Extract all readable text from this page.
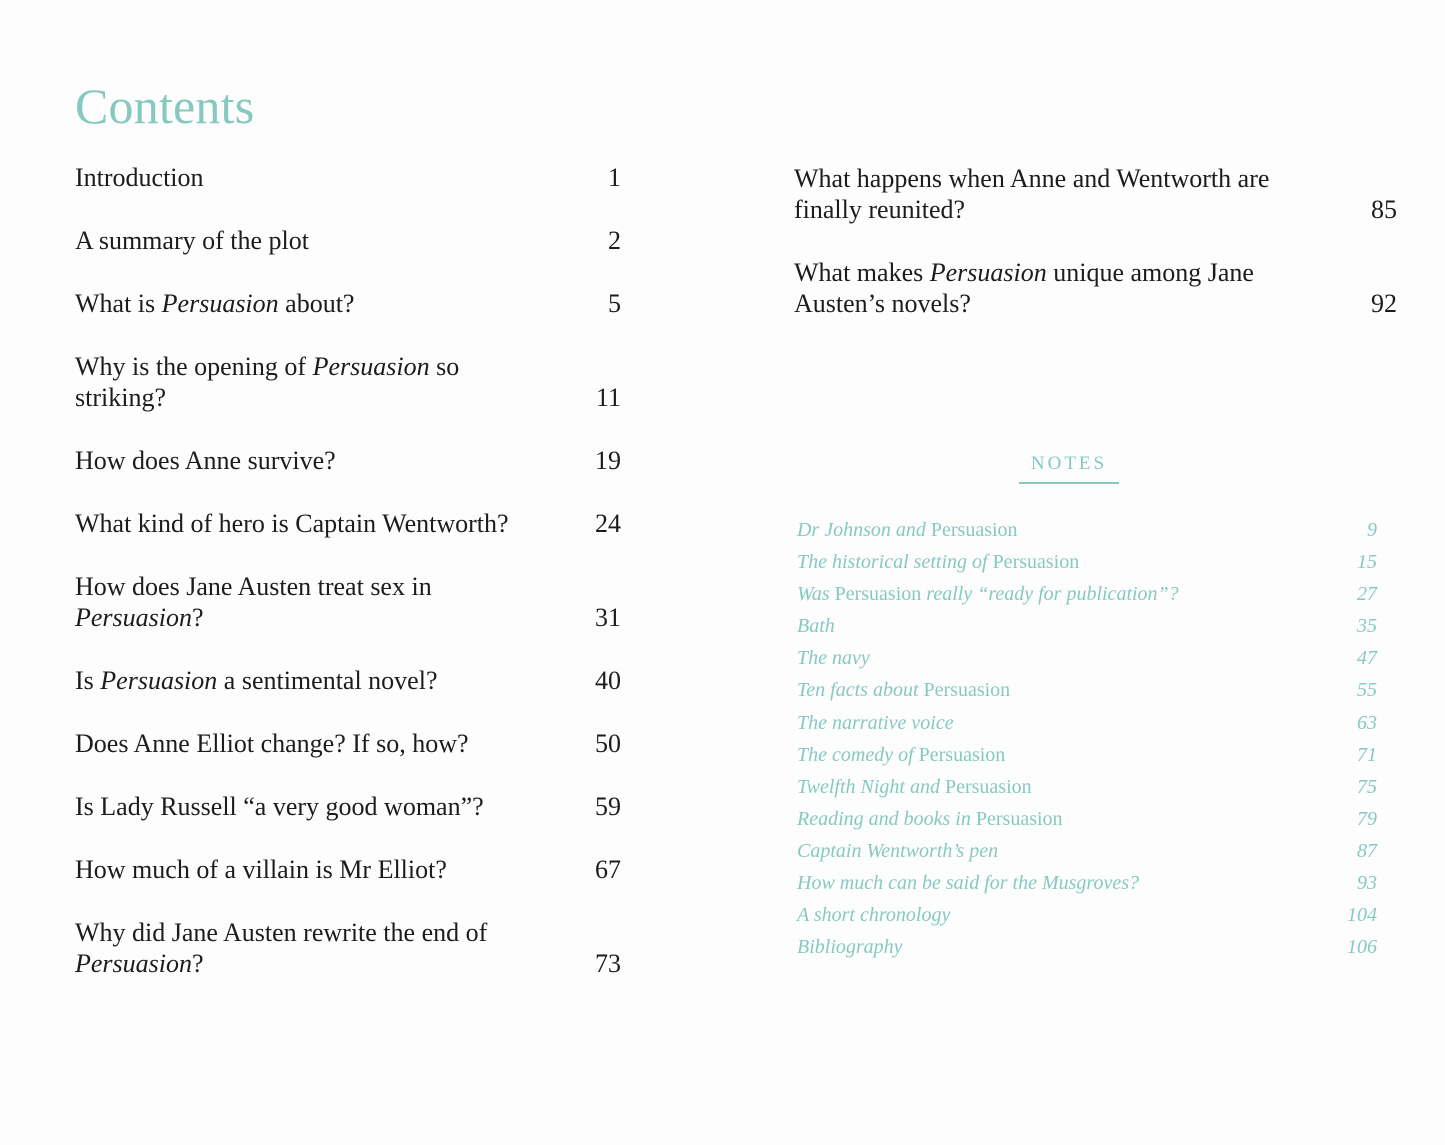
Contents
Introduction	1
A summary of the plot	2
What is Persuasion about?	5
Why is the opening of Persuasion so striking?	11
How does Anne survive?	19
What kind of hero is Captain Wentworth?	24
How does Jane Austen treat sex in Persuasion?	31
Is Persuasion a sentimental novel?	40
Does Anne Elliot change? If so, how?	50
Is Lady Russell “a very good woman”?	59
How much of a villain is Mr Elliot?	67
Why did Jane Austen rewrite the end of Persuasion?	73
What happens when Anne and Wentworth are finally reunited?	85
What makes Persuasion unique among Jane Austen’s novels?	92
NOTES
Dr Johnson and Persuasion	9
The historical setting of Persuasion	15
Was Persuasion really “ready for publication”?	27
Bath	35
The navy	47
Ten facts about Persuasion	55
The narrative voice	63
The comedy of Persuasion	71
Twelfth Night and Persuasion	75
Reading and books in Persuasion	79
Captain Wentworth’s pen	87
How much can be said for the Musgroves?	93
A short chronology	104
Bibliography	106
